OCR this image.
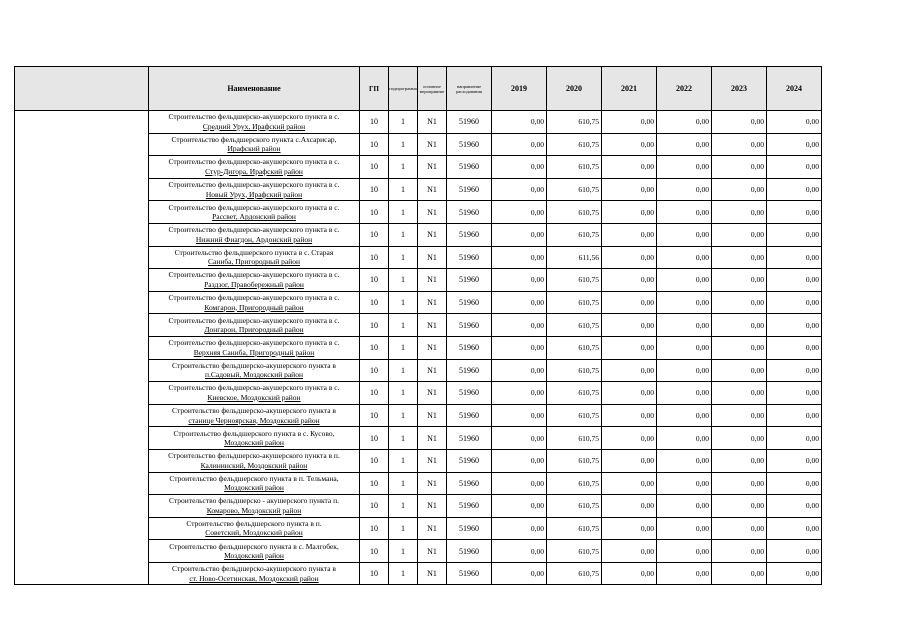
	Наименование	ГП	подпрограмма	основное мероприятие	направление расходования	2019	2020	2021	2022	2023	2024

	Строительство фельдшерско-акушерского пункта в с.
Средний Урух, Ирафский район	10	1	N1	51960	0,00	610,75	0,00	0,00	0,00	0,00

	Строительство фельдшерского пункта с.Ахсарисар,
Ирафский район	10	1	N1	51960	0,00	610,75	0,00	0,00	0,00	0,00

	Строительство фельдшерско-акушерского пункта в с.
Стур-Дигора, Ирафский район	10	1	N1	51960	0,00	610,75	0,00	0,00	0,00	0,00

	Строительство фельдшерско-акушерского пункта в с.
Новый Урух, Ирафский район	10	1	N1	51960	0,00	610,75	0,00	0,00	0,00	0,00

	Строительство фельдшерско-акушерского пункта в с.
Рассвет, Ардонский район	10	1	N1	51960	0,00	610,75	0,00	0,00	0,00	0,00

	Строительство фельдшерско-акушерского пункта в с.
Нижний Фиагдон, Ардонский район	10	1	N1	51960	0,00	610,75	0,00	0,00	0,00	0,00

	Строительство фельдшерского пункта в с. Старая
Саниба, Пригородный район	10	1	N1	51960	0,00	611,56	0,00	0,00	0,00	0,00

	Строительство фельдшерско-акушерского пункта в с.
Раздзог, Правобережный район	10	1	N1	51960	0,00	610,75	0,00	0,00	0,00	0,00

	Строительство фельдшерско-акушерского пункта в с.
Комгарон, Пригородный район	10	1	N1	51960	0,00	610,75	0,00	0,00	0,00	0,00

	Строительство фельдшерско-акушерского пункта в с.
Донгарон, Пригородный район	10	1	N1	51960	0,00	610,75	0,00	0,00	0,00	0,00

	Строительство фельдшерско-акушерского пункта в с.
Верхняя Саниба, Пригородный район	10	1	N1	51960	0,00	610,75	0,00	0,00	0,00	0,00

	Строительство фельдшерско-акушерского пункта в
п.Садовый, Моздокский район	10	1	N1	51960	0,00	610,75	0,00	0,00	0,00	0,00

	Строительство фельдшерско-акушерского пункта в с.
Киевское, Моздокский район	10	1	N1	51960	0,00	610,75	0,00	0,00	0,00	0,00

	Строительство фельдшерско-акушерского пункта в
станице Черноярская, Моздокский район	10	1	N1	51960	0,00	610,75	0,00	0,00	0,00	0,00

	Строительство фельдшерского пункта в с. Кусово,
Моздокский район	10	1	N1	51960	0,00	610,75	0,00	0,00	0,00	0,00

	Строительство фельдшерско-акушерского пункта в п.
Калининский, Моздокский район	10	1	N1	51960	0,00	610,75	0,00	0,00	0,00	0,00

	Строительство фельдшерского пункта в п. Тельмана,
Моздокский район	10	1	N1	51960	0,00	610,75	0,00	0,00	0,00	0,00

	Строительство фельдшерско - акушерского пункта п.
Комарово, Моздокский район	10	1	N1	51960	0,00	610,75	0,00	0,00	0,00	0,00

	Строительство фельдшерского пункта в п.
Советский, Моздокский район	10	1	N1	51960	0,00	610,75	0,00	0,00	0,00	0,00

	Строительство фельдшерского пункта в с. Малгобек,
Моздокский район	10	1	N1	51960	0,00	610,75	0,00	0,00	0,00	0,00

	Строительство фельдшерско-акушерского пункта в
ст. Ново-Осетинская, Моздокский район	10	1	N1	51960	0,00	610,75	0,00	0,00	0,00	0,00
